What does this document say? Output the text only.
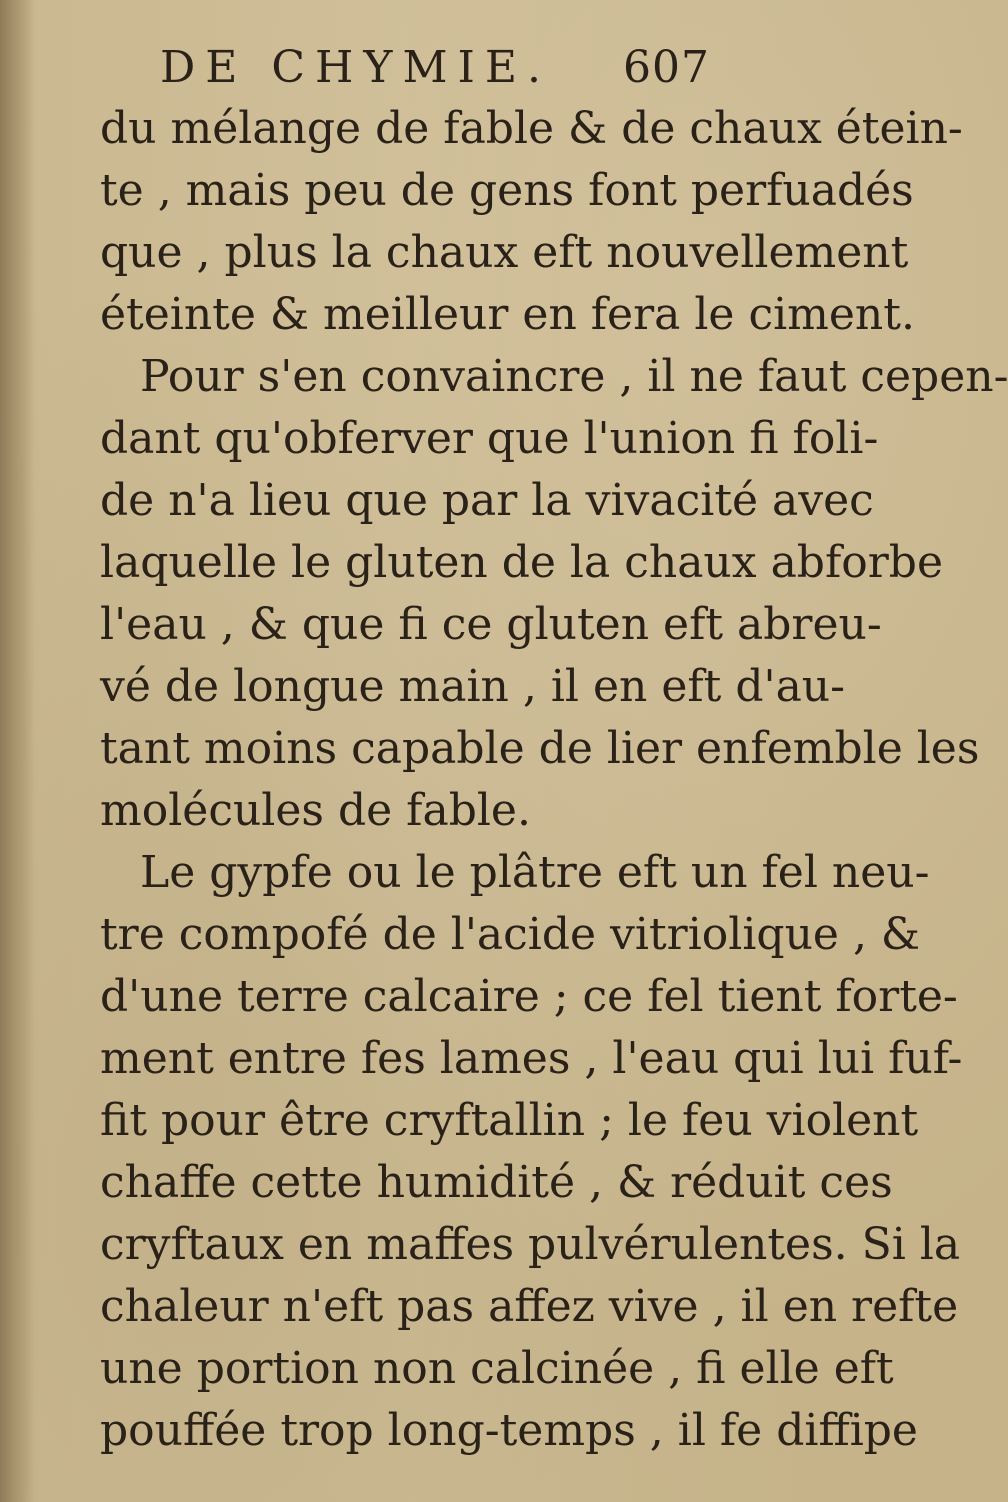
DE CHYMIE. 607
du mélange de fable & de chaux étein-
te , mais peu de gens font perfuadés
que , plus la chaux eft nouvellement
éteinte & meilleur en fera le ciment.
Pour s'en convaincre , il ne faut cepen-
dant qu'obferver que l'union fi foli-
de n'a lieu que par la vivacité avec
laquelle le gluten de la chaux abforbe
l'eau , & que fi ce gluten eft abreu-
vé de longue main , il en eft d'au-
tant moins capable de lier enfemble les
molécules de fable.
Le gypfe ou le plâtre eft un fel neu-
tre compofé de l'acide vitriolique , &
d'une terre calcaire ; ce fel tient forte-
ment entre fes lames , l'eau qui lui fuf-
fit pour être cryftallin ; le feu violent
chaffe cette humidité , & réduit ces
cryftaux en maffes pulvérulentes. Si la
chaleur n'eft pas affez vive , il en refte
une portion non calcinée , fi elle eft
pouffée trop long-temps , il fe diffipe
